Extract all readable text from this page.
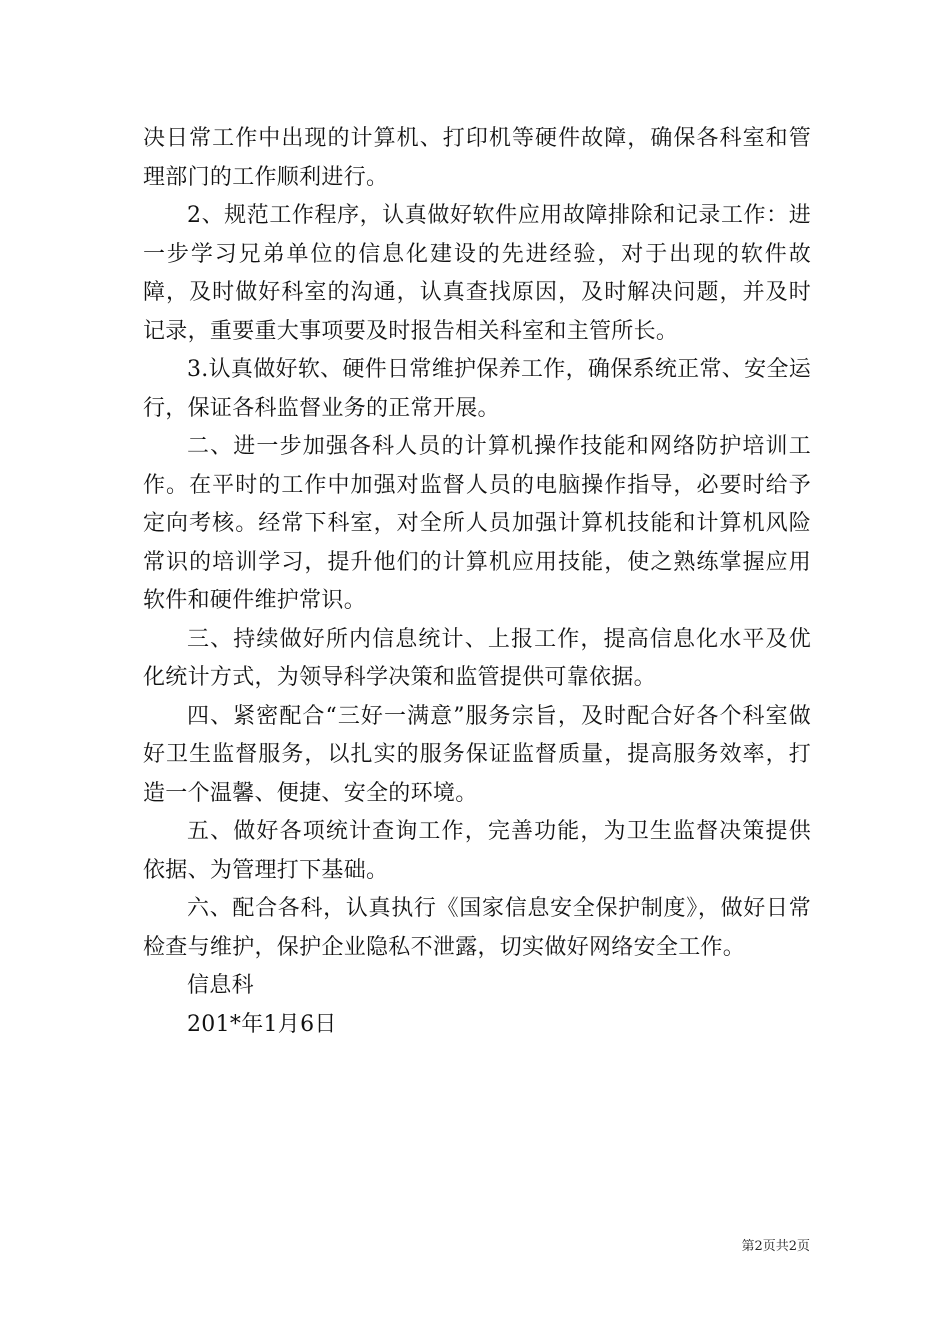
决日常工作中出现的计算机、打印机等硬件故障，确保各科室和管理部门的工作顺利进行。

2、规范工作程序，认真做好软件应用故障排除和记录工作：进一步学习兄弟单位的信息化建设的先进经验，对于出现的软件故障，及时做好科室的沟通，认真查找原因，及时解决问题，并及时记录，重要重大事项要及时报告相关科室和主管所长。

3.认真做好软、硬件日常维护保养工作，确保系统正常、安全运行，保证各科监督业务的正常开展。

二、进一步加强各科人员的计算机操作技能和网络防护培训工作。在平时的工作中加强对监督人员的电脑操作指导，必要时给予定向考核。经常下科室，对全所人员加强计算机技能和计算机风险常识的培训学习，提升他们的计算机应用技能，使之熟练掌握应用软件和硬件维护常识。

三、持续做好所内信息统计、上报工作，提高信息化水平及优化统计方式，为领导科学决策和监管提供可靠依据。

四、紧密配合“三好一满意”服务宗旨，及时配合好各个科室做好卫生监督服务，以扎实的服务保证监督质量，提高服务效率，打造一个温馨、便捷、安全的环境。

五、做好各项统计查询工作，完善功能，为卫生监督决策提供依据、为管理打下基础。

六、配合各科，认真执行《国家信息安全保护制度》，做好日常检查与维护，保护企业隐私不泄露，切实做好网络安全工作。

信息科

201*年1月6日

第2页共2页
